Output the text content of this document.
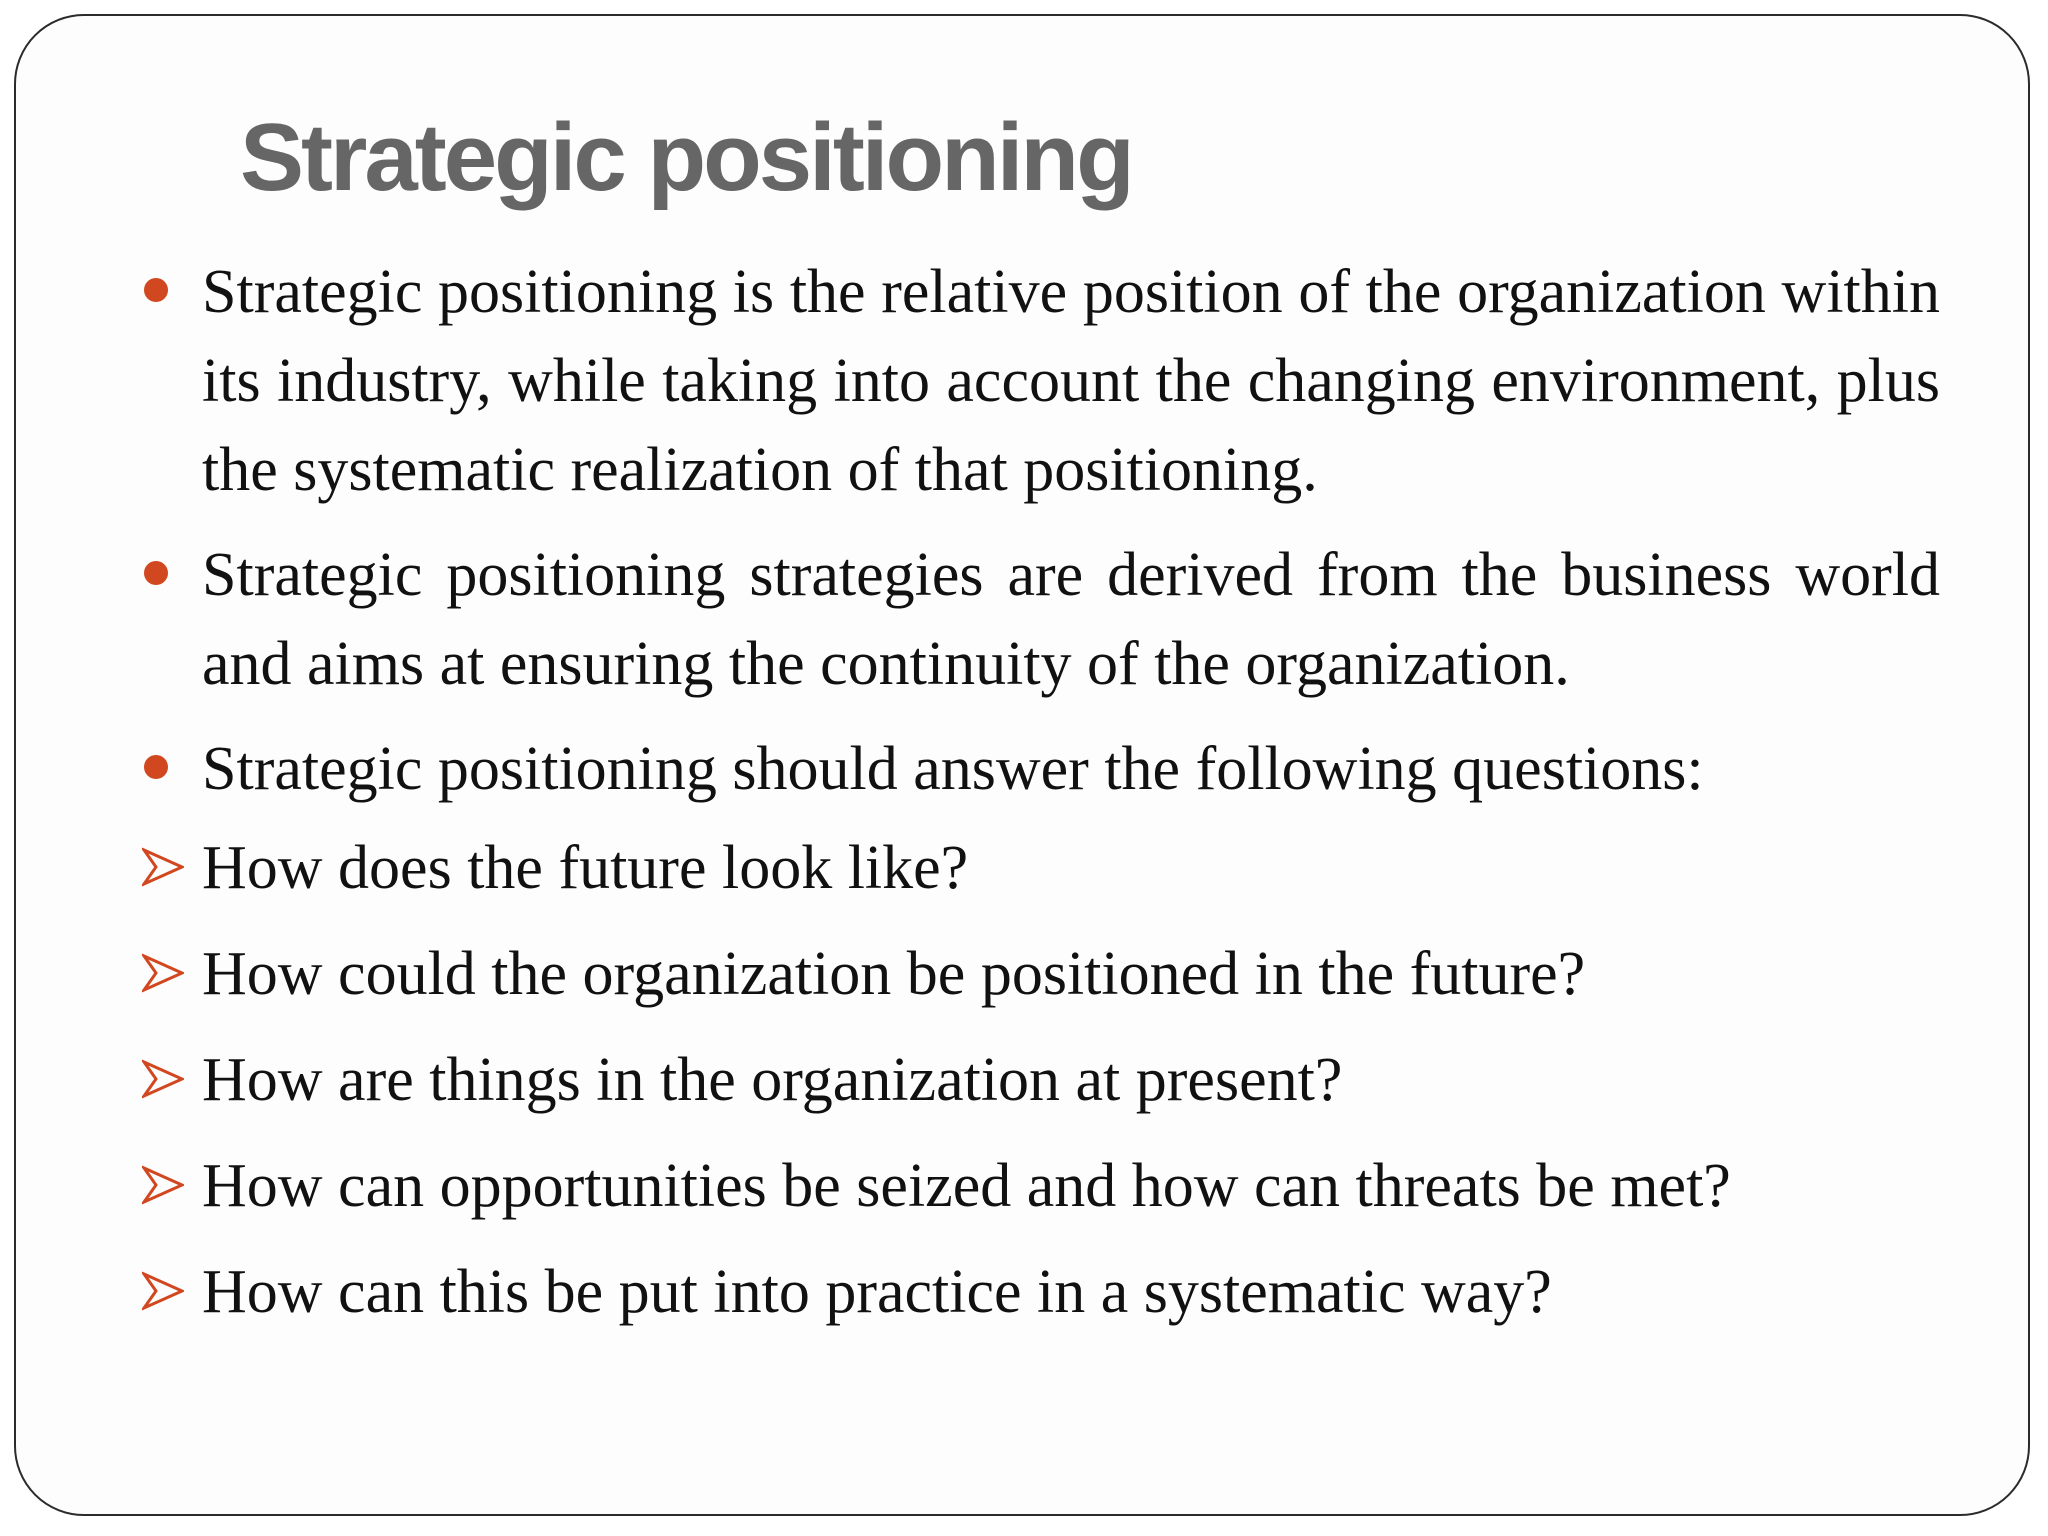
Strategic positioning
Strategic positioning is the relative position of the organization within its industry, while taking into account the changing environment, plus the systematic realization of that positioning.
Strategic positioning strategies are derived from the business world and aims at ensuring the continuity of the organization.
Strategic positioning should answer the following questions:
How does the future look like?
How could the organization be positioned in the future?
How are things in the organization at present?
How can opportunities be seized and how can threats be met?
How can this be put into practice in a systematic way?
